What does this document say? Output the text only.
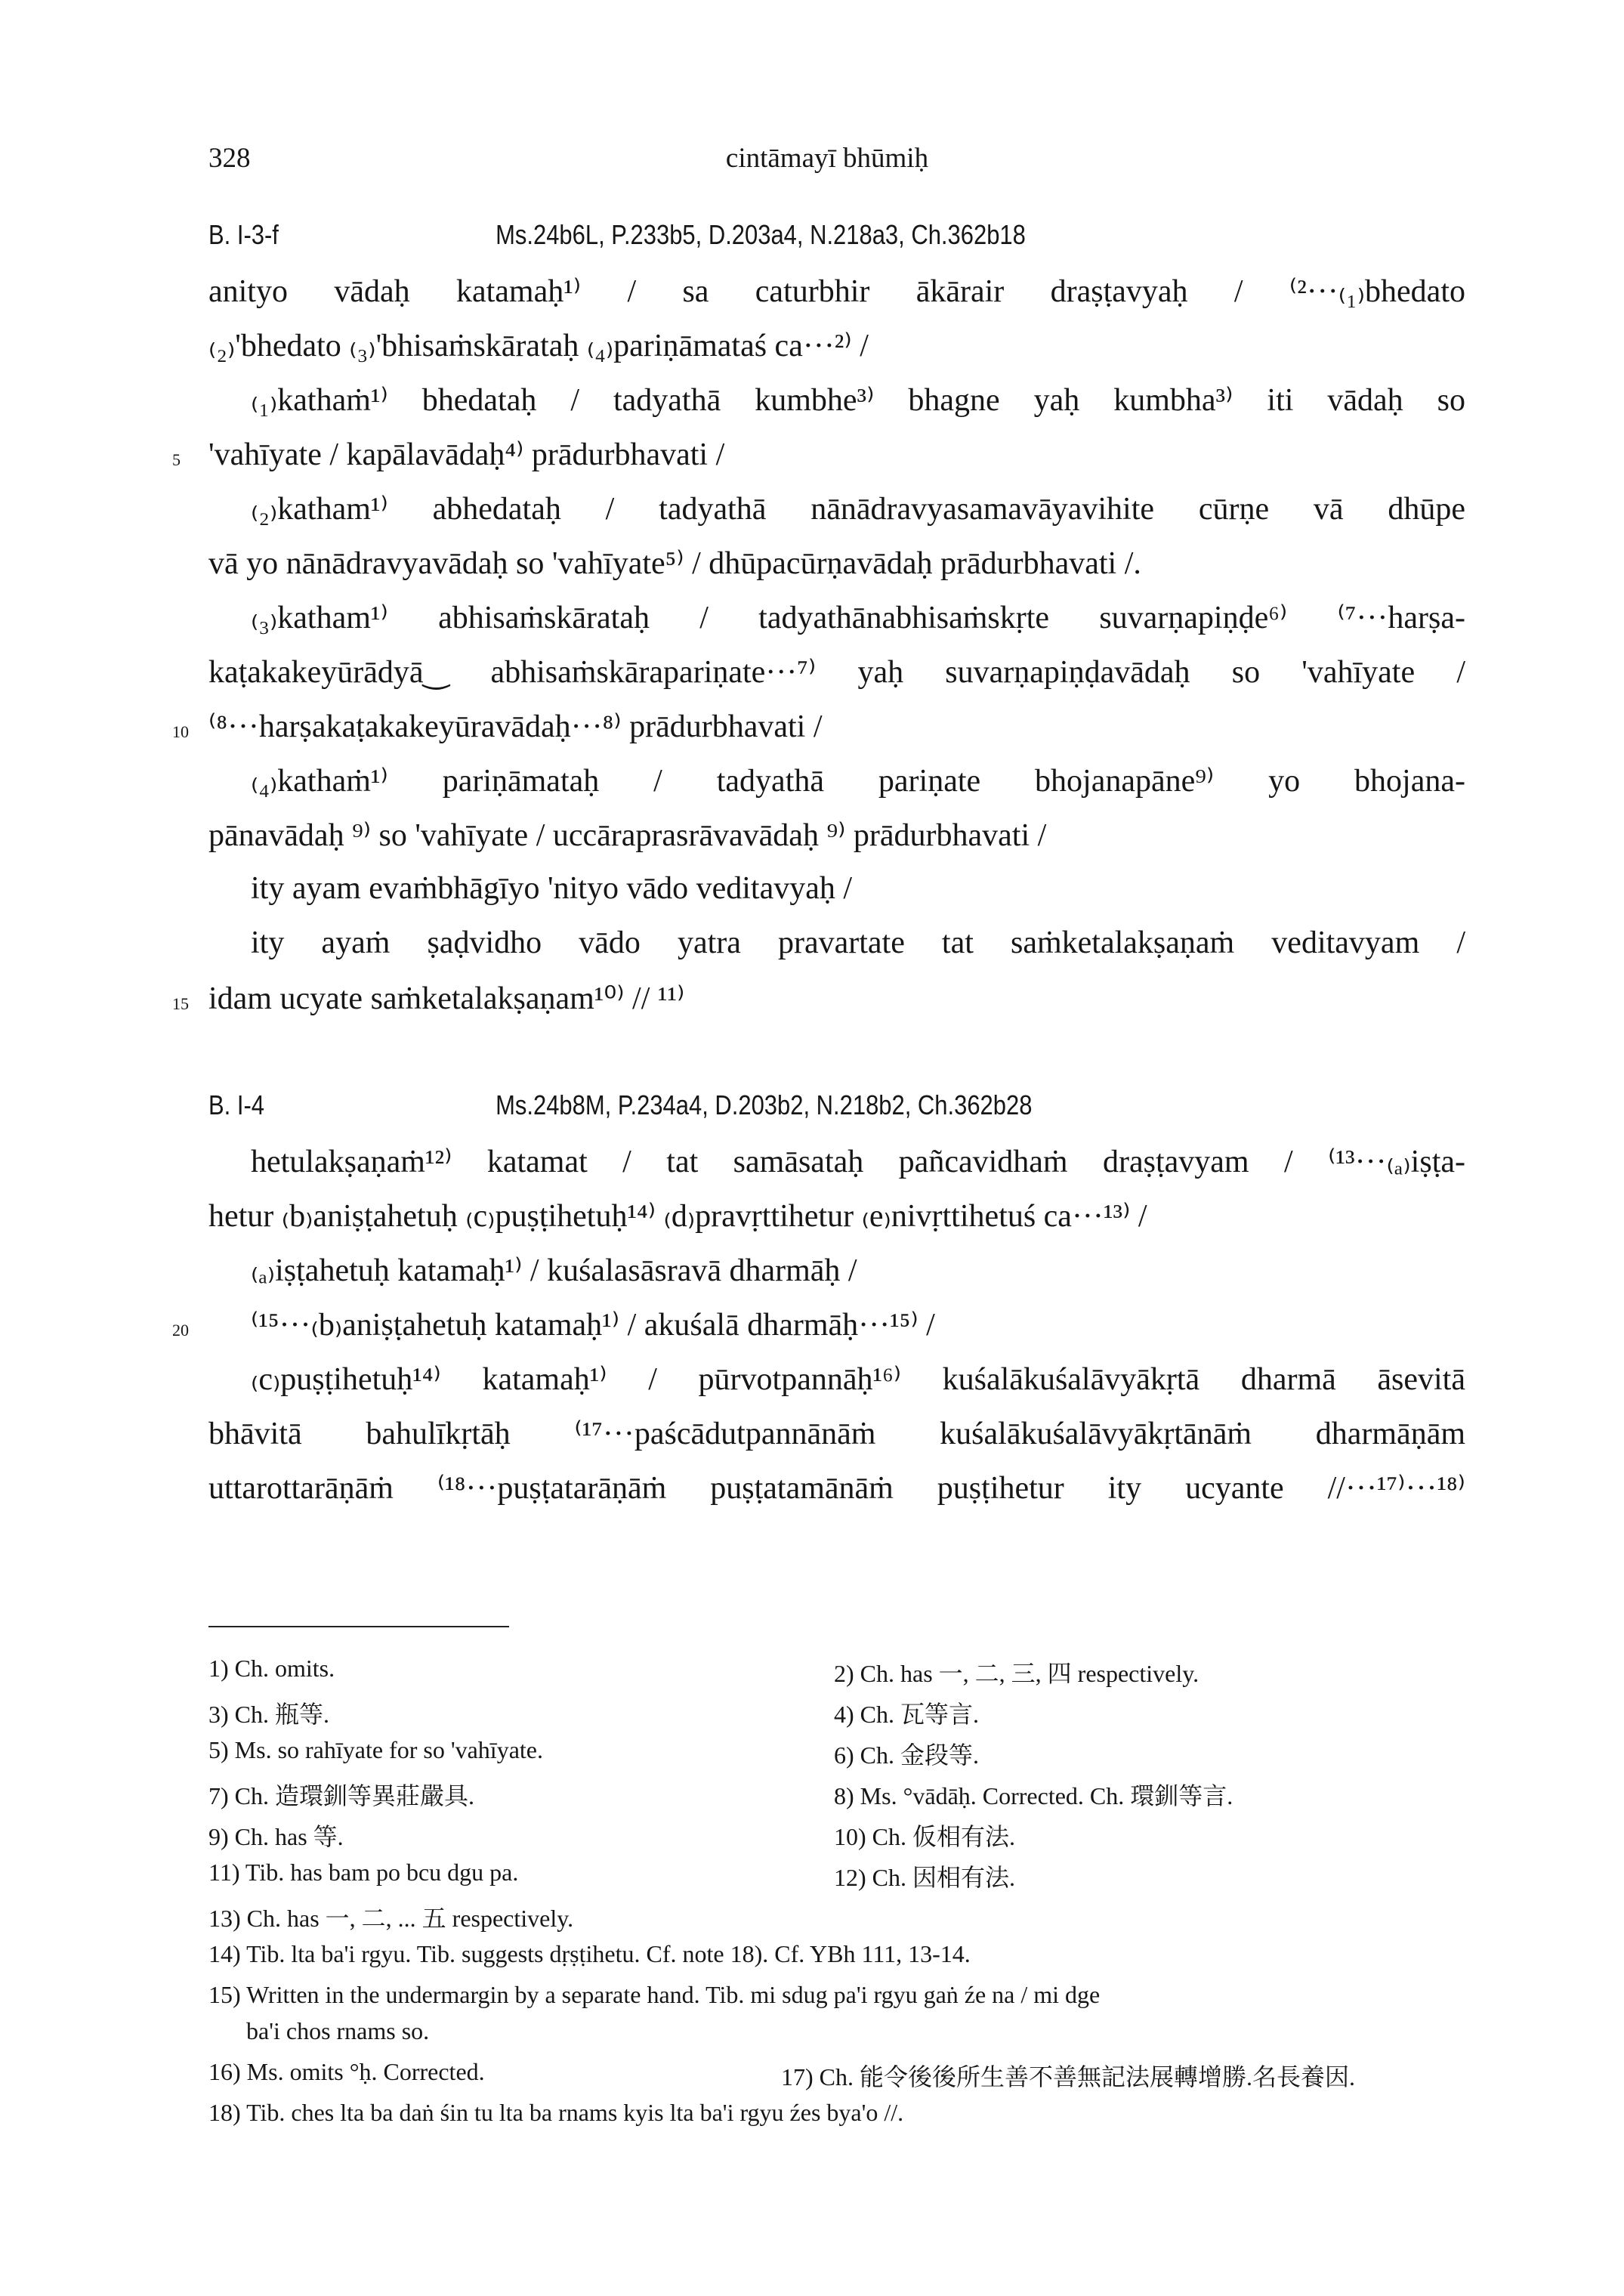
328	cintāmayī bhūmiḥ
B. I-3-f	Ms.24b6L, P.233b5, D.203a4, N.218a3, Ch.362b18
anityo vādaḥ katamaḥ¹⁾ / sa caturbhir ākārair draṣṭavyaḥ / ⁽²···₍₁₎bhedato
₍₂₎'bhedato ₍₃₎'bhisaṁskārataḥ ₍₄₎pariṇāmataś ca···²⁾ /
₍₁₎kathaṁ¹⁾ bhedataḥ / tadyathā kumbhe³⁾ bhagne yaḥ kumbha³⁾ iti vādaḥ so
'vahīyate / kapālavādaḥ⁴⁾ prādurbhavati /
₍₂₎katham¹⁾ abhedataḥ / tadyathā nānādravyasamavāyavihite cūrṇe vā dhūpe
vā yo nānādravyavādaḥ so 'vahīyate⁵⁾ / dhūpacūrṇavādaḥ prādurbhavati /.
₍₃₎katham¹⁾ abhisaṁskārataḥ / tadyathānabhisaṁskṛte suvarṇapiṇḍe⁶⁾ ⁽⁷···harṣa-
kaṭakakeyūrādyā‿ abhisaṁskārapariṇate···⁷⁾ yaḥ suvarṇapiṇḍavādaḥ so 'vahīyate /
⁽⁸···harṣakaṭakakeyūravādaḥ···⁸⁾ prādurbhavati /
₍₄₎kathaṁ¹⁾ pariṇāmataḥ / tadyathā pariṇate bhojanapāne⁹⁾ yo bhojana-
pānavādaḥ ⁹⁾ so 'vahīyate / uccāraprasrāvavādaḥ ⁹⁾ prādurbhavati /
ity ayam evaṁbhāgīyo 'nityo vādo veditavyaḥ /
ity ayaṁ ṣaḍvidho vādo yatra pravartate tat saṁketalakṣaṇaṁ veditavyam /
idam ucyate saṁketalakṣaṇam¹⁰⁾ // ¹¹⁾
B. I-4	Ms.24b8M, P.234a4, D.203b2, N.218b2, Ch.362b28
hetulakṣaṇaṁ¹²⁾ katamat / tat samāsataḥ pañcavidhaṁ draṣṭavyam / ⁽¹³···₍ₐ₎iṣṭa-
hetur ₍b₎aniṣṭahetuḥ ₍c₎puṣṭihetuḥ¹⁴⁾ ₍d₎pravṛttihetur ₍e₎nivṛttihetuś ca···¹³⁾ /
₍ₐ₎iṣṭahetuḥ katamaḥ¹⁾ / kuśalasāsravā dharmāḥ /
⁽¹⁵···₍b₎aniṣṭahetuḥ katamaḥ¹⁾ / akuśalā dharmāḥ···¹⁵⁾ /
₍c₎puṣṭihetuḥ¹⁴⁾ katamaḥ¹⁾ / pūrvotpannāḥ¹⁶⁾ kuśalākuśalāvyākṛtā dharmā āsevitā
bhāvitā bahulīkṛtāḥ ⁽¹⁷···paścādutpannānāṁ kuśalākuśalāvyākṛtānāṁ dharmāṇām
uttarottarāṇāṁ ⁽¹⁸···puṣṭatarāṇāṁ puṣṭatamānāṁ puṣṭihetur ity ucyante //···¹⁷⁾···¹⁸⁾
5
10
15
20
1) Ch. omits.	2) Ch. has 一, 二, 三, 四 respectively.
3) Ch. 瓶等.	4) Ch. 瓦等言.
5) Ms. so rahīyate for so 'vahīyate.	6) Ch. 金段等.
7) Ch. 造環釧等異莊嚴具.	8) Ms. °vādāḥ. Corrected. Ch. 環釧等言.
9) Ch. has 等.	10) Ch. 仮相有法.
11) Tib. has bam po bcu dgu pa.	12) Ch. 因相有法.
13) Ch. has 一, 二, ... 五 respectively.
14) Tib. lta ba'i rgyu. Tib. suggests dṛṣṭihetu. Cf. note 18). Cf. YBh 111, 13-14.
15) Written in the undermargin by a separate hand. Tib. mi sdug pa'i rgyu gaṅ źe na / mi dge
ba'i chos rnams so.
16) Ms. omits °ḥ. Corrected.	17) Ch. 能令後後所生善不善無記法展轉增勝.名長養因.
18) Tib. ches lta ba daṅ śin tu lta ba rnams kyis lta ba'i rgyu źes bya'o //.
